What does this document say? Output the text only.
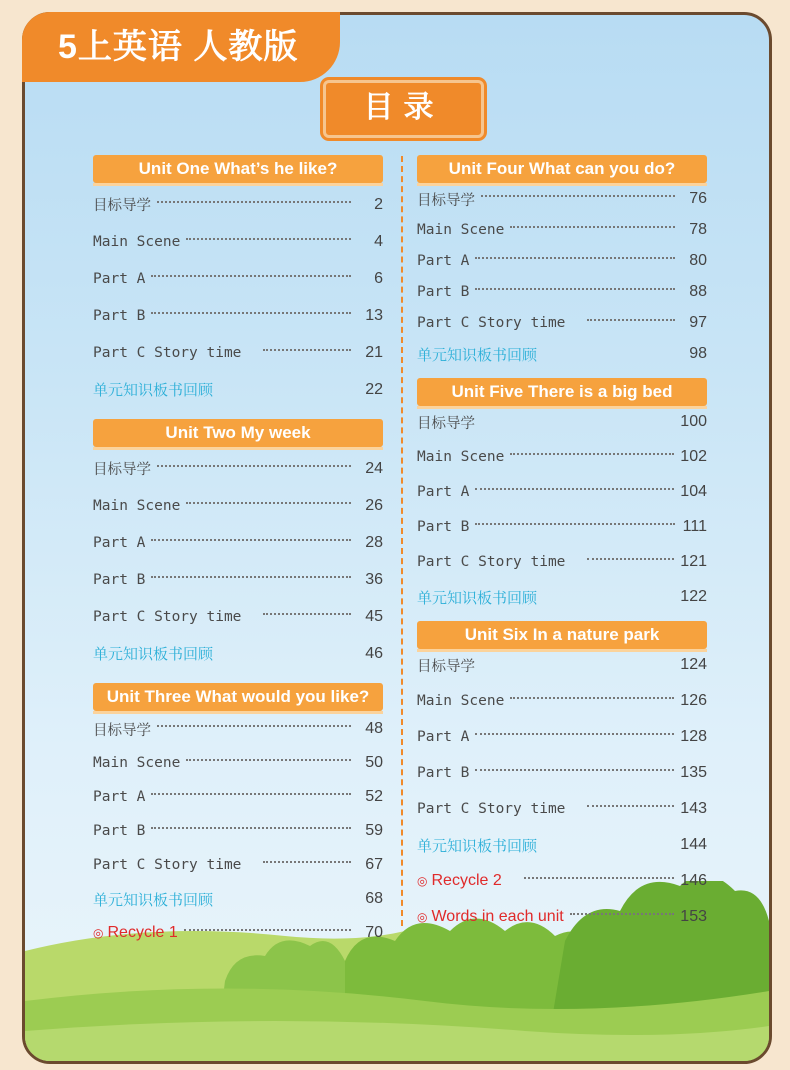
5上英语 人教版
目录
Unit One What’s he like?
目标导学	2
Main Scene	4
Part A	6
Part B	13
Part C Story time	21
单元知识板书回顾	22
Unit Two My week
目标导学	24
Main Scene	26
Part A	28
Part B	36
Part C Story time	45
单元知识板书回顾	46
Unit Three What would you like?
目标导学	48
Main Scene	50
Part A	52
Part B	59
Part C Story time	67
单元知识板书回顾	68
◎ Recycle 1	70
Unit Four What can you do?
目标导学	76
Main Scene	78
Part A	80
Part B	88
Part C Story time	97
单元知识板书回顾	98
Unit Five There is a big bed
目标导学	100
Main Scene	102
Part A	104
Part B	111
Part C Story time	121
单元知识板书回顾	122
Unit Six In a nature park
目标导学	124
Main Scene	126
Part A	128
Part B	135
Part C Story time	143
单元知识板书回顾	144
◎ Recycle 2	146
◎ Words in each unit	153
